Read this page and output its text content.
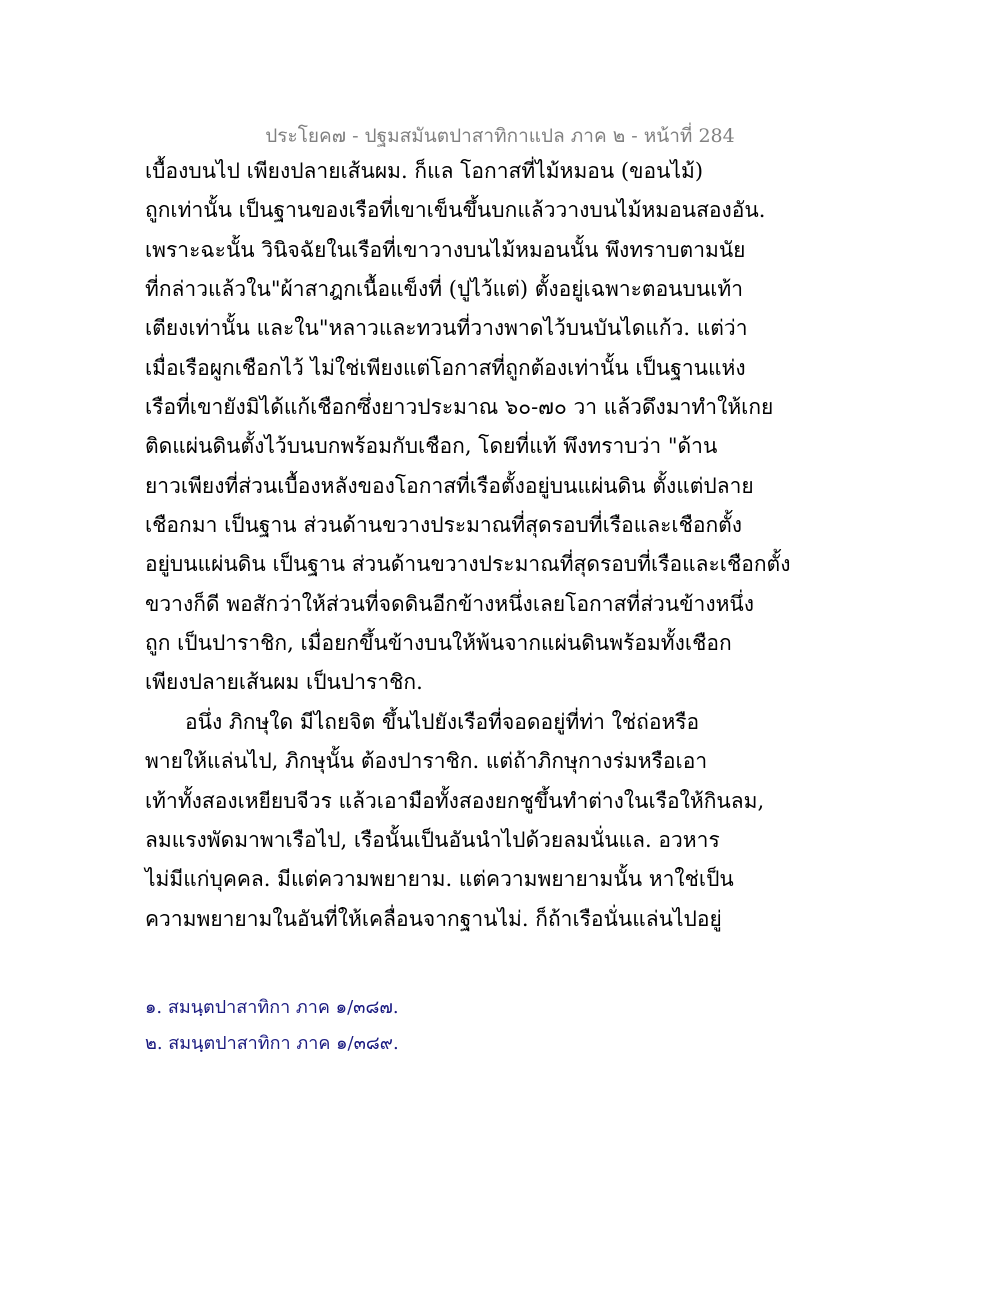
ประโยค๗ - ปฐมสมันตปาสาทิกาแปล ภาค ๒ - หน้าที่ 284
เบื้องบนไป เพียงปลายเส้นผม. ก็แล โอกาสที่ไม้หมอน (ขอนไม้)
ถูกเท่านั้น เป็นฐานของเรือที่เขาเข็นขึ้นบกแล้ววางบนไม้หมอนสองอัน.
เพราะฉะนั้น วินิจฉัยในเรือที่เขาวางบนไม้หมอนนั้น พึงทราบตามนัย
ที่กล่าวแล้วใน"ผ้าสาฎกเนื้อแข็งที่ (ปูไว้แต่) ตั้งอยู่เฉพาะตอนบนเท้า
เตียงเท่านั้น และใน"หลาวและทวนที่วางพาดไว้บนบันไดแก้ว. แต่ว่า
เมื่อเรือผูกเชือกไว้ ไม่ใช่เพียงแต่โอกาสที่ถูกต้องเท่านั้น เป็นฐานแห่ง
เรือที่เขายังมิได้แก้เชือกซึ่งยาวประมาณ ๖๐-๗๐ วา แล้วดึงมาทำให้เกย
ติดแผ่นดินตั้งไว้บนบกพร้อมกับเชือก, โดยที่แท้ พึงทราบว่า "ด้าน
ยาวเพียงที่ส่วนเบื้องหลังของโอกาสที่เรือตั้งอยู่บนแผ่นดิน ตั้งแต่ปลาย
เชือกมา เป็นฐาน ส่วนด้านขวางประมาณที่สุดรอบที่เรือและเชือกตั้ง
อยู่บนแผ่นดิน เป็นฐาน ส่วนด้านขวางประมาณที่สุดรอบที่เรือและเชือกตั้ง
ขวางก็ดี พอสักว่าให้ส่วนที่จดดินอีกข้างหนึ่งเลยโอกาสที่ส่วนข้างหนึ่ง
ถูก เป็นปาราชิก, เมื่อยกขึ้นข้างบนให้พ้นจากแผ่นดินพร้อมทั้งเชือก
เพียงปลายเส้นผม เป็นปาราชิก.
อนึ่ง ภิกษุใด มีไถยจิต ขึ้นไปยังเรือที่จอดอยู่ที่ท่า ใช่ถ่อหรือ
พายให้แล่นไป, ภิกษุนั้น ต้องปาราชิก. แต่ถ้าภิกษุกางร่มหรือเอา
เท้าทั้งสองเหยียบจีวร แล้วเอามือทั้งสองยกชูขึ้นทำต่างในเรือให้กินลม,
ลมแรงพัดมาพาเรือไป, เรือนั้นเป็นอันนำไปด้วยลมนั่นแล. อวหาร
ไม่มีแก่บุคคล. มีแต่ความพยายาม. แต่ความพยายามนั้น หาใช่เป็น
ความพยายามในอันที่ให้เคลื่อนจากฐานไม่. ก็ถ้าเรือนั่นแล่นไปอยู่
๑. สมนฺตปาสาทิกา ภาค ๑/๓๘๗.
๒. สมนฺตปาสาทิกา ภาค ๑/๓๘๙.
